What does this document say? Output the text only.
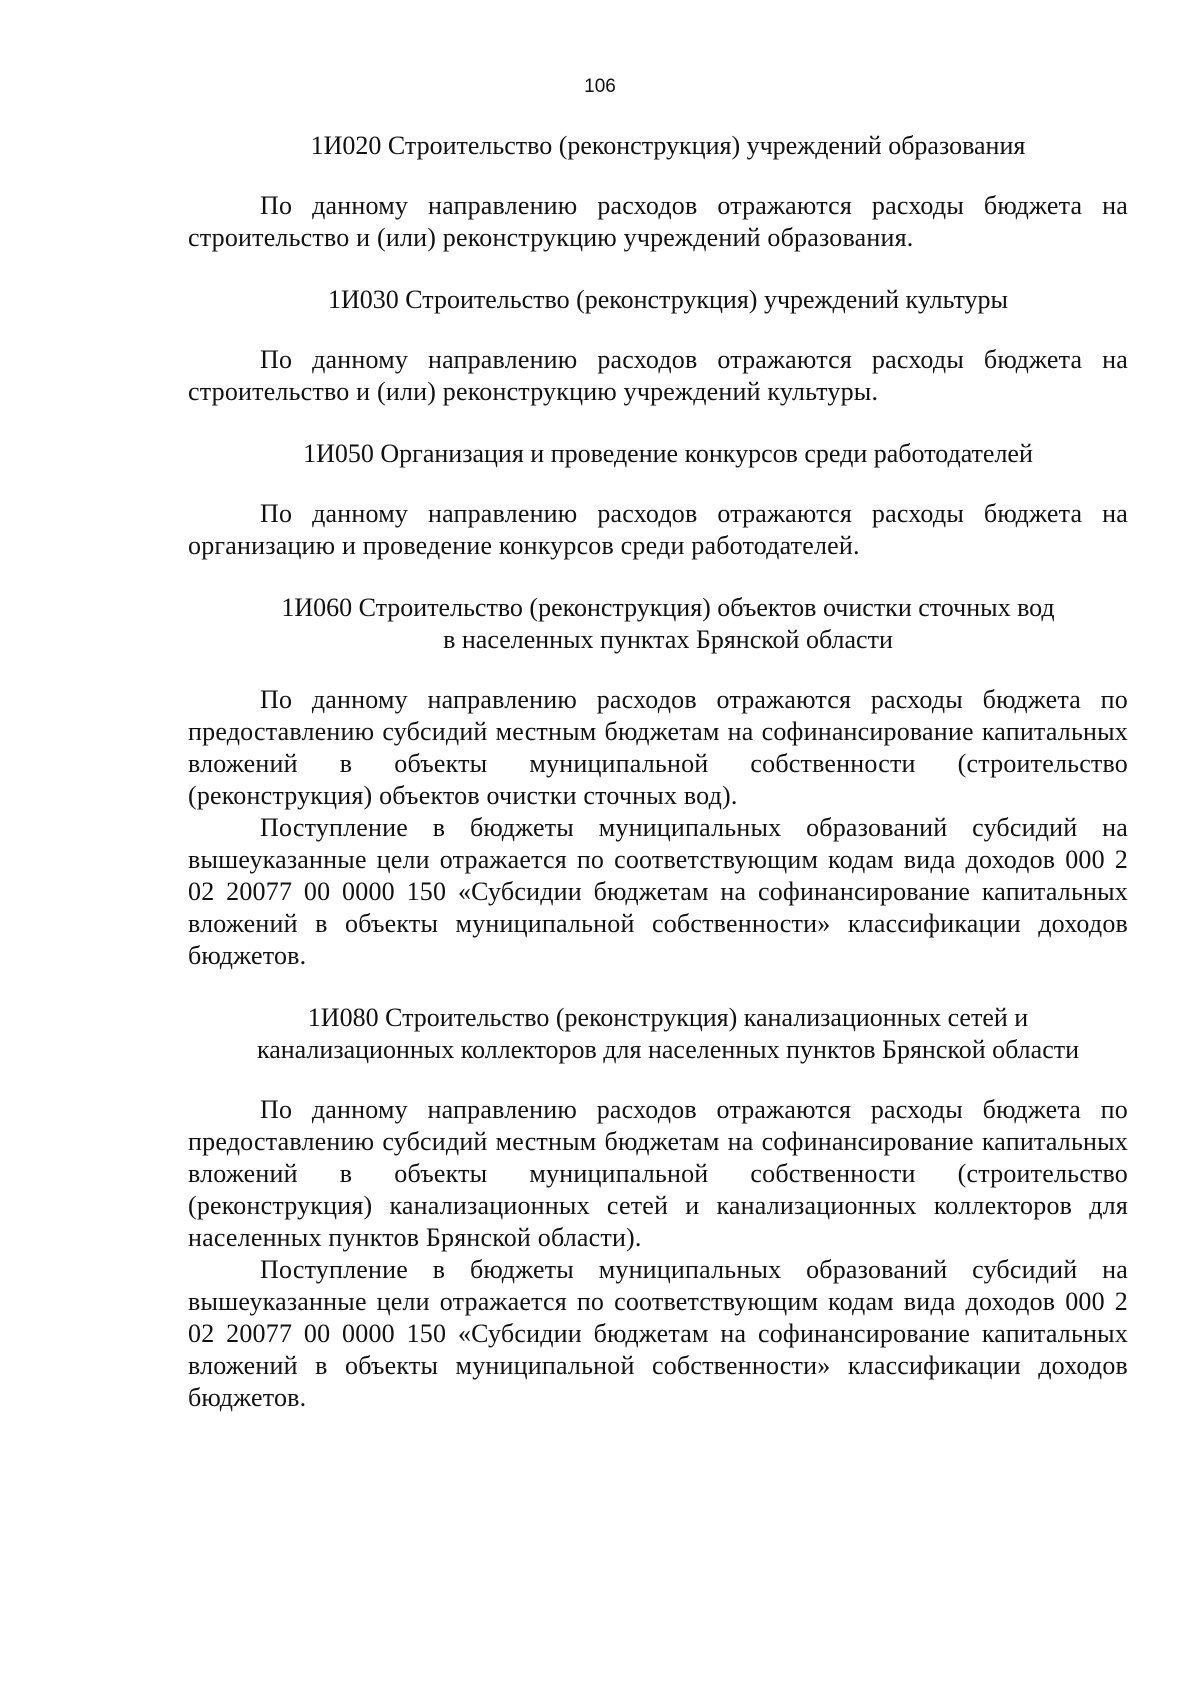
106

1И020 Строительство (реконструкция) учреждений образования

По данному направлению расходов отражаются расходы бюджета на строительство и (или) реконструкцию учреждений образования.

1И030 Строительство (реконструкция) учреждений культуры

По данному направлению расходов отражаются расходы бюджета на строительство и (или) реконструкцию учреждений культуры.

1И050 Организация и проведение конкурсов среди работодателей

По данному направлению расходов отражаются расходы бюджета на организацию и проведение конкурсов среди работодателей.

1И060 Строительство (реконструкция) объектов очистки сточных вод
в населенных пунктах Брянской области

По данному направлению расходов отражаются расходы бюджета по предоставлению субсидий местным бюджетам на софинансирование капитальных вложений в объекты муниципальной собственности (строительство (реконструкция) объектов очистки сточных вод).

Поступление в бюджеты муниципальных образований субсидий на вышеуказанные цели отражается по соответствующим кодам вида доходов 000 2 02 20077 00 0000 150 «Субсидии бюджетам на софинансирование капитальных вложений в объекты муниципальной собственности» классификации доходов бюджетов.

1И080 Строительство (реконструкция) канализационных сетей и
канализационных коллекторов для населенных пунктов Брянской области

По данному направлению расходов отражаются расходы бюджета по предоставлению субсидий местным бюджетам на софинансирование капитальных вложений в объекты муниципальной собственности (строительство (реконструкция) канализационных сетей и канализационных коллекторов для населенных пунктов Брянской области).

Поступление в бюджеты муниципальных образований субсидий на вышеуказанные цели отражается по соответствующим кодам вида доходов 000 2 02 20077 00 0000 150 «Субсидии бюджетам на софинансирование капитальных вложений в объекты муниципальной собственности» классификации доходов бюджетов.
